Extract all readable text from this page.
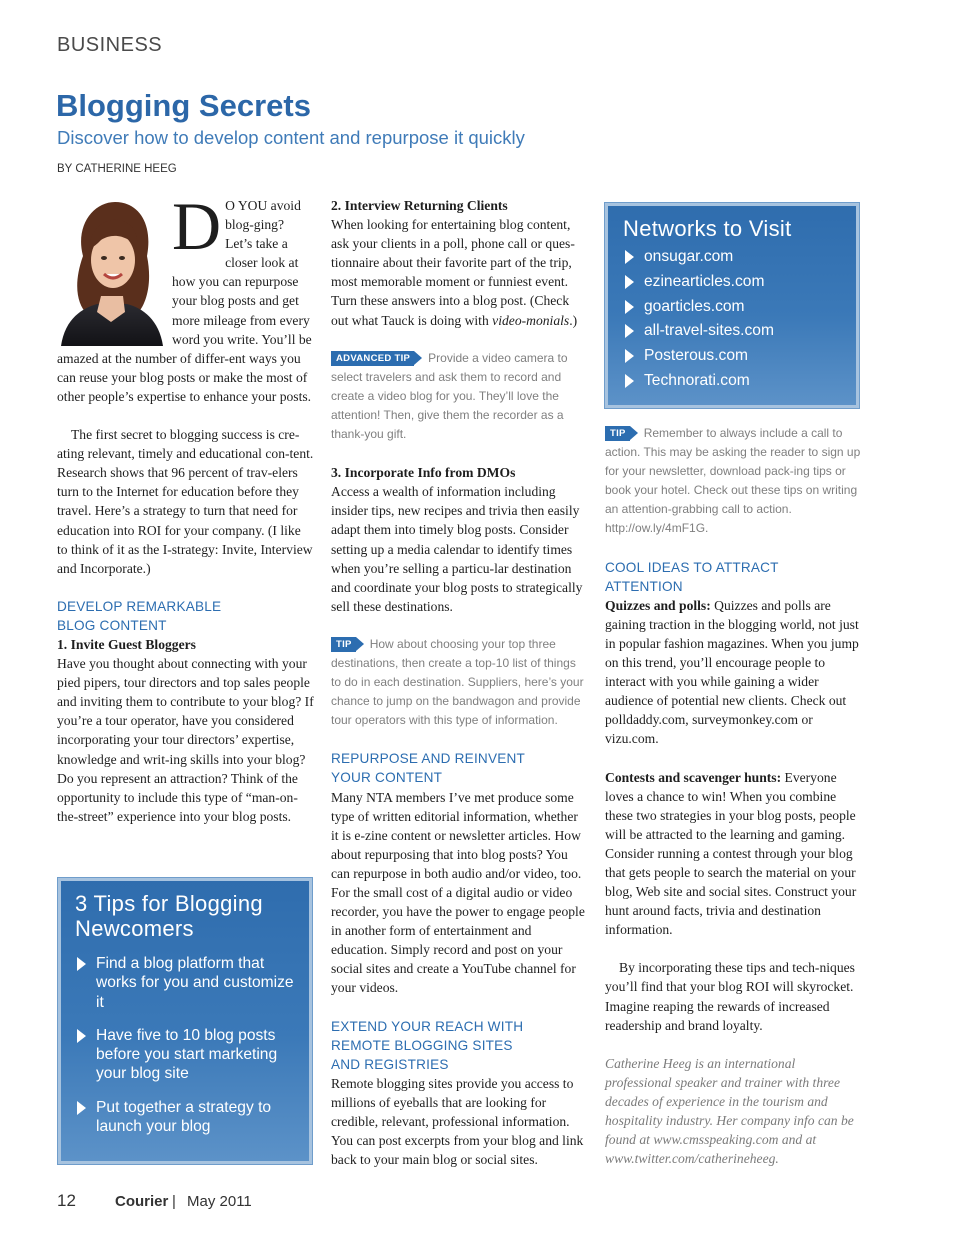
BUSINESS
Blogging Secrets
Discover how to develop content and repurpose it quickly
BY CATHERINE HEEG
D O YOU avoid blog-ging? Let’s take a closer look at how you can repurpose your blog posts and get more mileage from every word you write. You’ll be amazed at the number of differ-ent ways you can reuse your blog posts or make the most of other people’s expertise to enhance your posts.

The first secret to blogging success is cre-ating relevant, timely and educational con-tent. Research shows that 96 percent of trav-elers turn to the Internet for education before they travel. Here’s a strategy to turn that need for education into ROI for your company. (I like to think of it as the I-strategy: Invite, Interview and Incorporate.)

DEVELOP REMARKABLE
BLOG CONTENT

1. Invite Guest Bloggers

Have you thought about connecting with your pied pipers, tour directors and top sales people and inviting them to contribute to your blog? If you’re a tour operator, have you considered incorporating your tour directors’ expertise, knowledge and writ-ing skills into your blog? Do you represent an attraction? Think of the opportunity to include this type of “man-on-the-street” experience into your blog posts.

3 Tips for Blogging Newcomers
Find a blog platform that works for you and customize it
Have five to 10 blog posts before you start marketing your blog site
Put together a strategy to launch your blog

2. Interview Returning Clients

When looking for entertaining blog content, ask your clients in a poll, phone call or ques-tionnaire about their favorite part of the trip, most memorable moment or funniest event. Turn these answers into a blog post. (Check out what Tauck is doing with video-monials.)

ADVANCED TIP Provide a video camera to select travelers and ask them to record and create a video blog for you. They’ll love the attention! Then, give them the recorder as a thank-you gift.

3. Incorporate Info from DMOs

Access a wealth of information including insider tips, new recipes and trivia then easily adapt them into timely blog posts. Consider setting up a media calendar to identify times when you’re selling a particu-lar destination and coordinate your blog posts to strategically sell these destinations.

TIP How about choosing your top three destinations, then create a top-10 list of things to do in each destination. Suppliers, here’s your chance to jump on the bandwagon and provide tour operators with this type of information.

REPURPOSE AND REINVENT
YOUR CONTENT

Many NTA members I’ve met produce some type of written editorial information, whether it is e-zine content or newsletter articles. How about repurposing that into blog posts? You can repurpose in both audio and/or video, too. For the small cost of a digital audio or video recorder, you have the power to engage people in another form of entertainment and education. Simply record and post on your social sites and create a YouTube channel for your videos.

EXTEND YOUR REACH WITH
REMOTE BLOGGING SITES
AND REGISTRIES

Remote blogging sites provide you access to millions of eyeballs that are looking for credible, relevant, professional information. You can post excerpts from your blog and link back to your main blog or social sites.

Networks to Visit
onsugar.com
ezinearticles.com
goarticles.com
all-travel-sites.com
Posterous.com
Technorati.com

TIP Remember to always include a call to action. This may be asking the reader to sign up for your newsletter, download pack-ing tips or book your hotel. Check out these tips on writing an attention-grabbing call to action. http://ow.ly/4mF1G.

COOL IDEAS TO ATTRACT
ATTENTION

Quizzes and polls: Quizzes and polls are gaining traction in the blogging world, not just in popular fashion magazines. When you jump on this trend, you’ll encourage people to interact with you while gaining a wider audience of potential new clients. Check out polldaddy.com, surveymonkey.com or vizu.com.

Contests and scavenger hunts: Everyone loves a chance to win! When you combine these two strategies in your blog posts, people will be attracted to the learning and gaming. Consider running a contest through your blog that gets people to search the material on your blog, Web site and social sites. Construct your hunt around facts, trivia and destination information.

By incorporating these tips and tech-niques you’ll find that your blog ROI will skyrocket. Imagine reaping the rewards of increased readership and brand loyalty.

Catherine Heeg is an international professional speaker and trainer with three decades of experience in the tourism and hospitality industry. Her company info can be found at www.cmsspeaking.com and at www.twitter.com/catherineheeg.

12	Courier | May 2011
